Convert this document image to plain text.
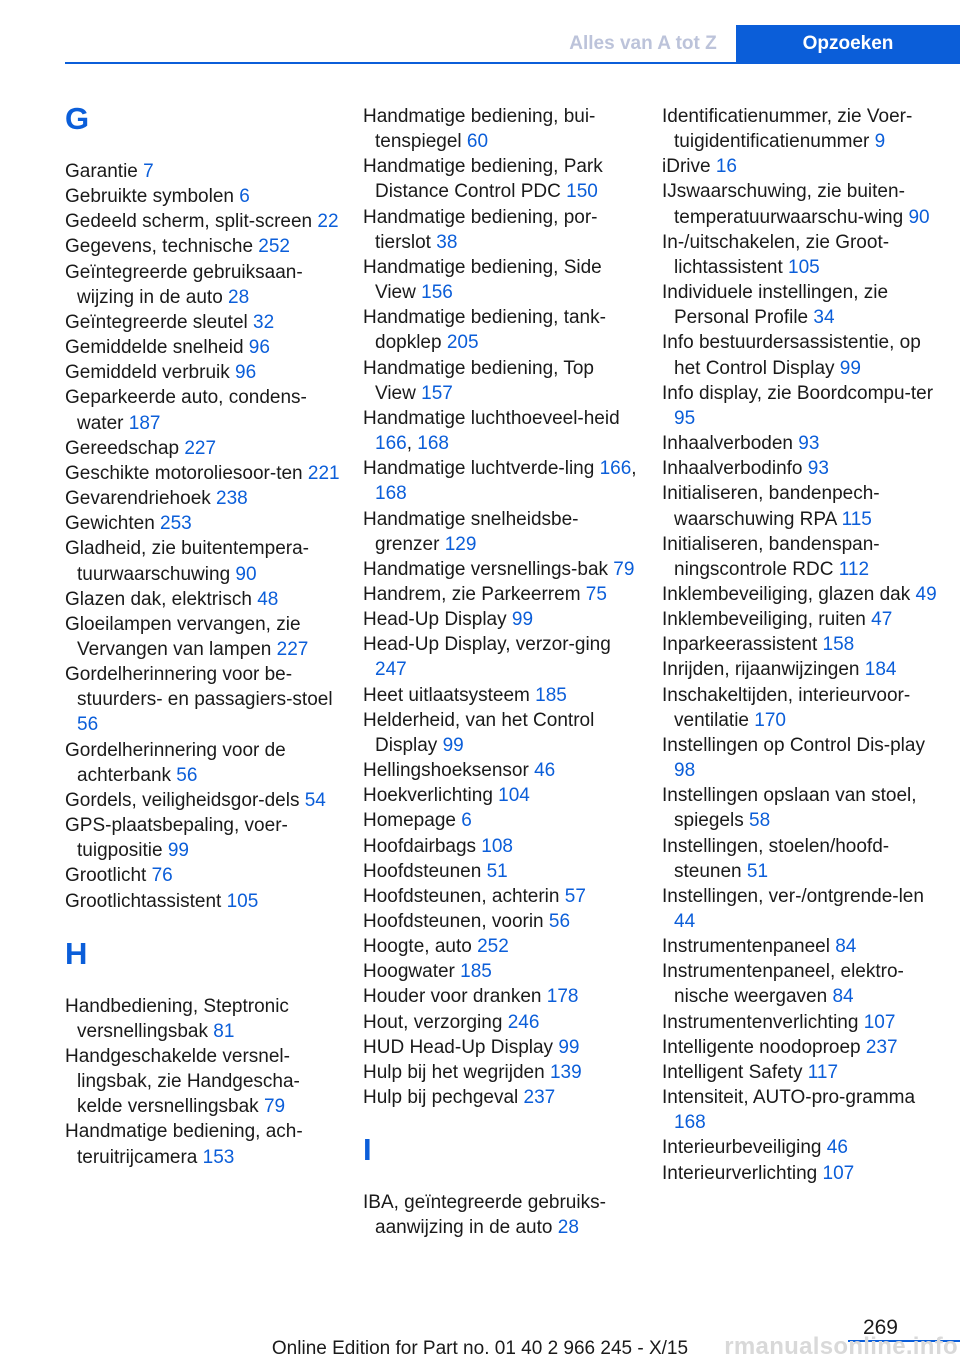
Alles van A tot Z	Opzoeken
G
Garantie 7
Gebruikte symbolen 6
Gedeeld scherm, split‐screen 22
Gegevens, technische 252
Geïntegreerde gebruiksaan‐wijzing in de auto 28
Geïntegreerde sleutel 32
Gemiddelde snelheid 96
Gemiddeld verbruik 96
Geparkeerde auto, condens‐water 187
Gereedschap 227
Geschikte motoroliesoor‐ten 221
Gevarendriehoek 238
Gewichten 253
Gladheid, zie buitentempera‐tuurwaarschuwing 90
Glazen dak, elektrisch 48
Gloeilampen vervangen, zie Vervangen van lampen 227
Gordelherinnering voor be‐stuurders- en passagiers‐stoel 56
Gordelherinnering voor de achterbank 56
Gordels, veiligheidsgor‐dels 54
GPS-plaatsbepaling, voer‐tuigpositie 99
Grootlicht 76
Grootlichtassistent 105
H
Handbediening, Steptronic versnellingsbak 81
Handgeschakelde versnel‐lingsbak, zie Handgescha‐kelde versnellingsbak 79
Handmatige bediening, ach‐teruitrijcamera 153
Handmatige bediening, bui‐tenspiegel 60
Handmatige bediening, Park Distance Control PDC 150
Handmatige bediening, por‐tierslot 38
Handmatige bediening, Side View 156
Handmatige bediening, tank‐dopklep 205
Handmatige bediening, Top View 157
Handmatige luchthoeveel‐heid 166, 168
Handmatige luchtverde‐ling 166, 168
Handmatige snelheidsbe‐grenzer 129
Handmatige versnellings‐bak 79
Handrem, zie Parkeerrem 75
Head-Up Display 99
Head-Up Display, verzor‐ging 247
Heet uitlaatsysteem 185
Helderheid, van het Control Display 99
Hellingshoeksensor 46
Hoekverlichting 104
Homepage 6
Hoofdairbags 108
Hoofdsteunen 51
Hoofdsteunen, achterin 57
Hoofdsteunen, voorin 56
Hoogte, auto 252
Hoogwater 185
Houder voor dranken 178
Hout, verzorging 246
HUD Head-Up Display 99
Hulp bij het wegrijden 139
Hulp bij pechgeval 237
I
IBA, geïntegreerde gebruiks‐aanwijzing in de auto 28
Identificatienummer, zie Voer‐tuigidentificatienummer 9
iDrive 16
IJswaarschuwing, zie buiten‐temperatuurwaarschu‐wing 90
In-/uitschakelen, zie Groot‐lichtassistent 105
Individuele instellingen, zie Personal Profile 34
Info bestuurdersassistentie, op het Control Display 99
Info display, zie Boordcompu‐ter 95
Inhaalverboden 93
Inhaalverbodinfo 93
Initialiseren, bandenpech‐waarschuwing RPA 115
Initialiseren, bandenspan‐ningscontrole RDC 112
Inklembeveiliging, glazen dak 49
Inklembeveiliging, ruiten 47
Inparkeerassistent 158
Inrijden, rijaanwijzingen 184
Inschakeltijden, interieurvoor‐ventilatie 170
Instellingen op Control Dis‐play 98
Instellingen opslaan van stoel, spiegels 58
Instellingen, stoelen/hoofd‐steunen 51
Instellingen, ver-/ontgrende‐len 44
Instrumentenpaneel 84
Instrumentenpaneel, elektro‐nische weergaven 84
Instrumentenverlichting 107
Intelligente noodoproep 237
Intelligent Safety 117
Intensiteit, AUTO-pro‐gramma 168
Interieurbeveiliging 46
Interieurverlichting 107
269
Online Edition for Part no. 01 40 2 966 245 - X/15	rmanualsonline.info
